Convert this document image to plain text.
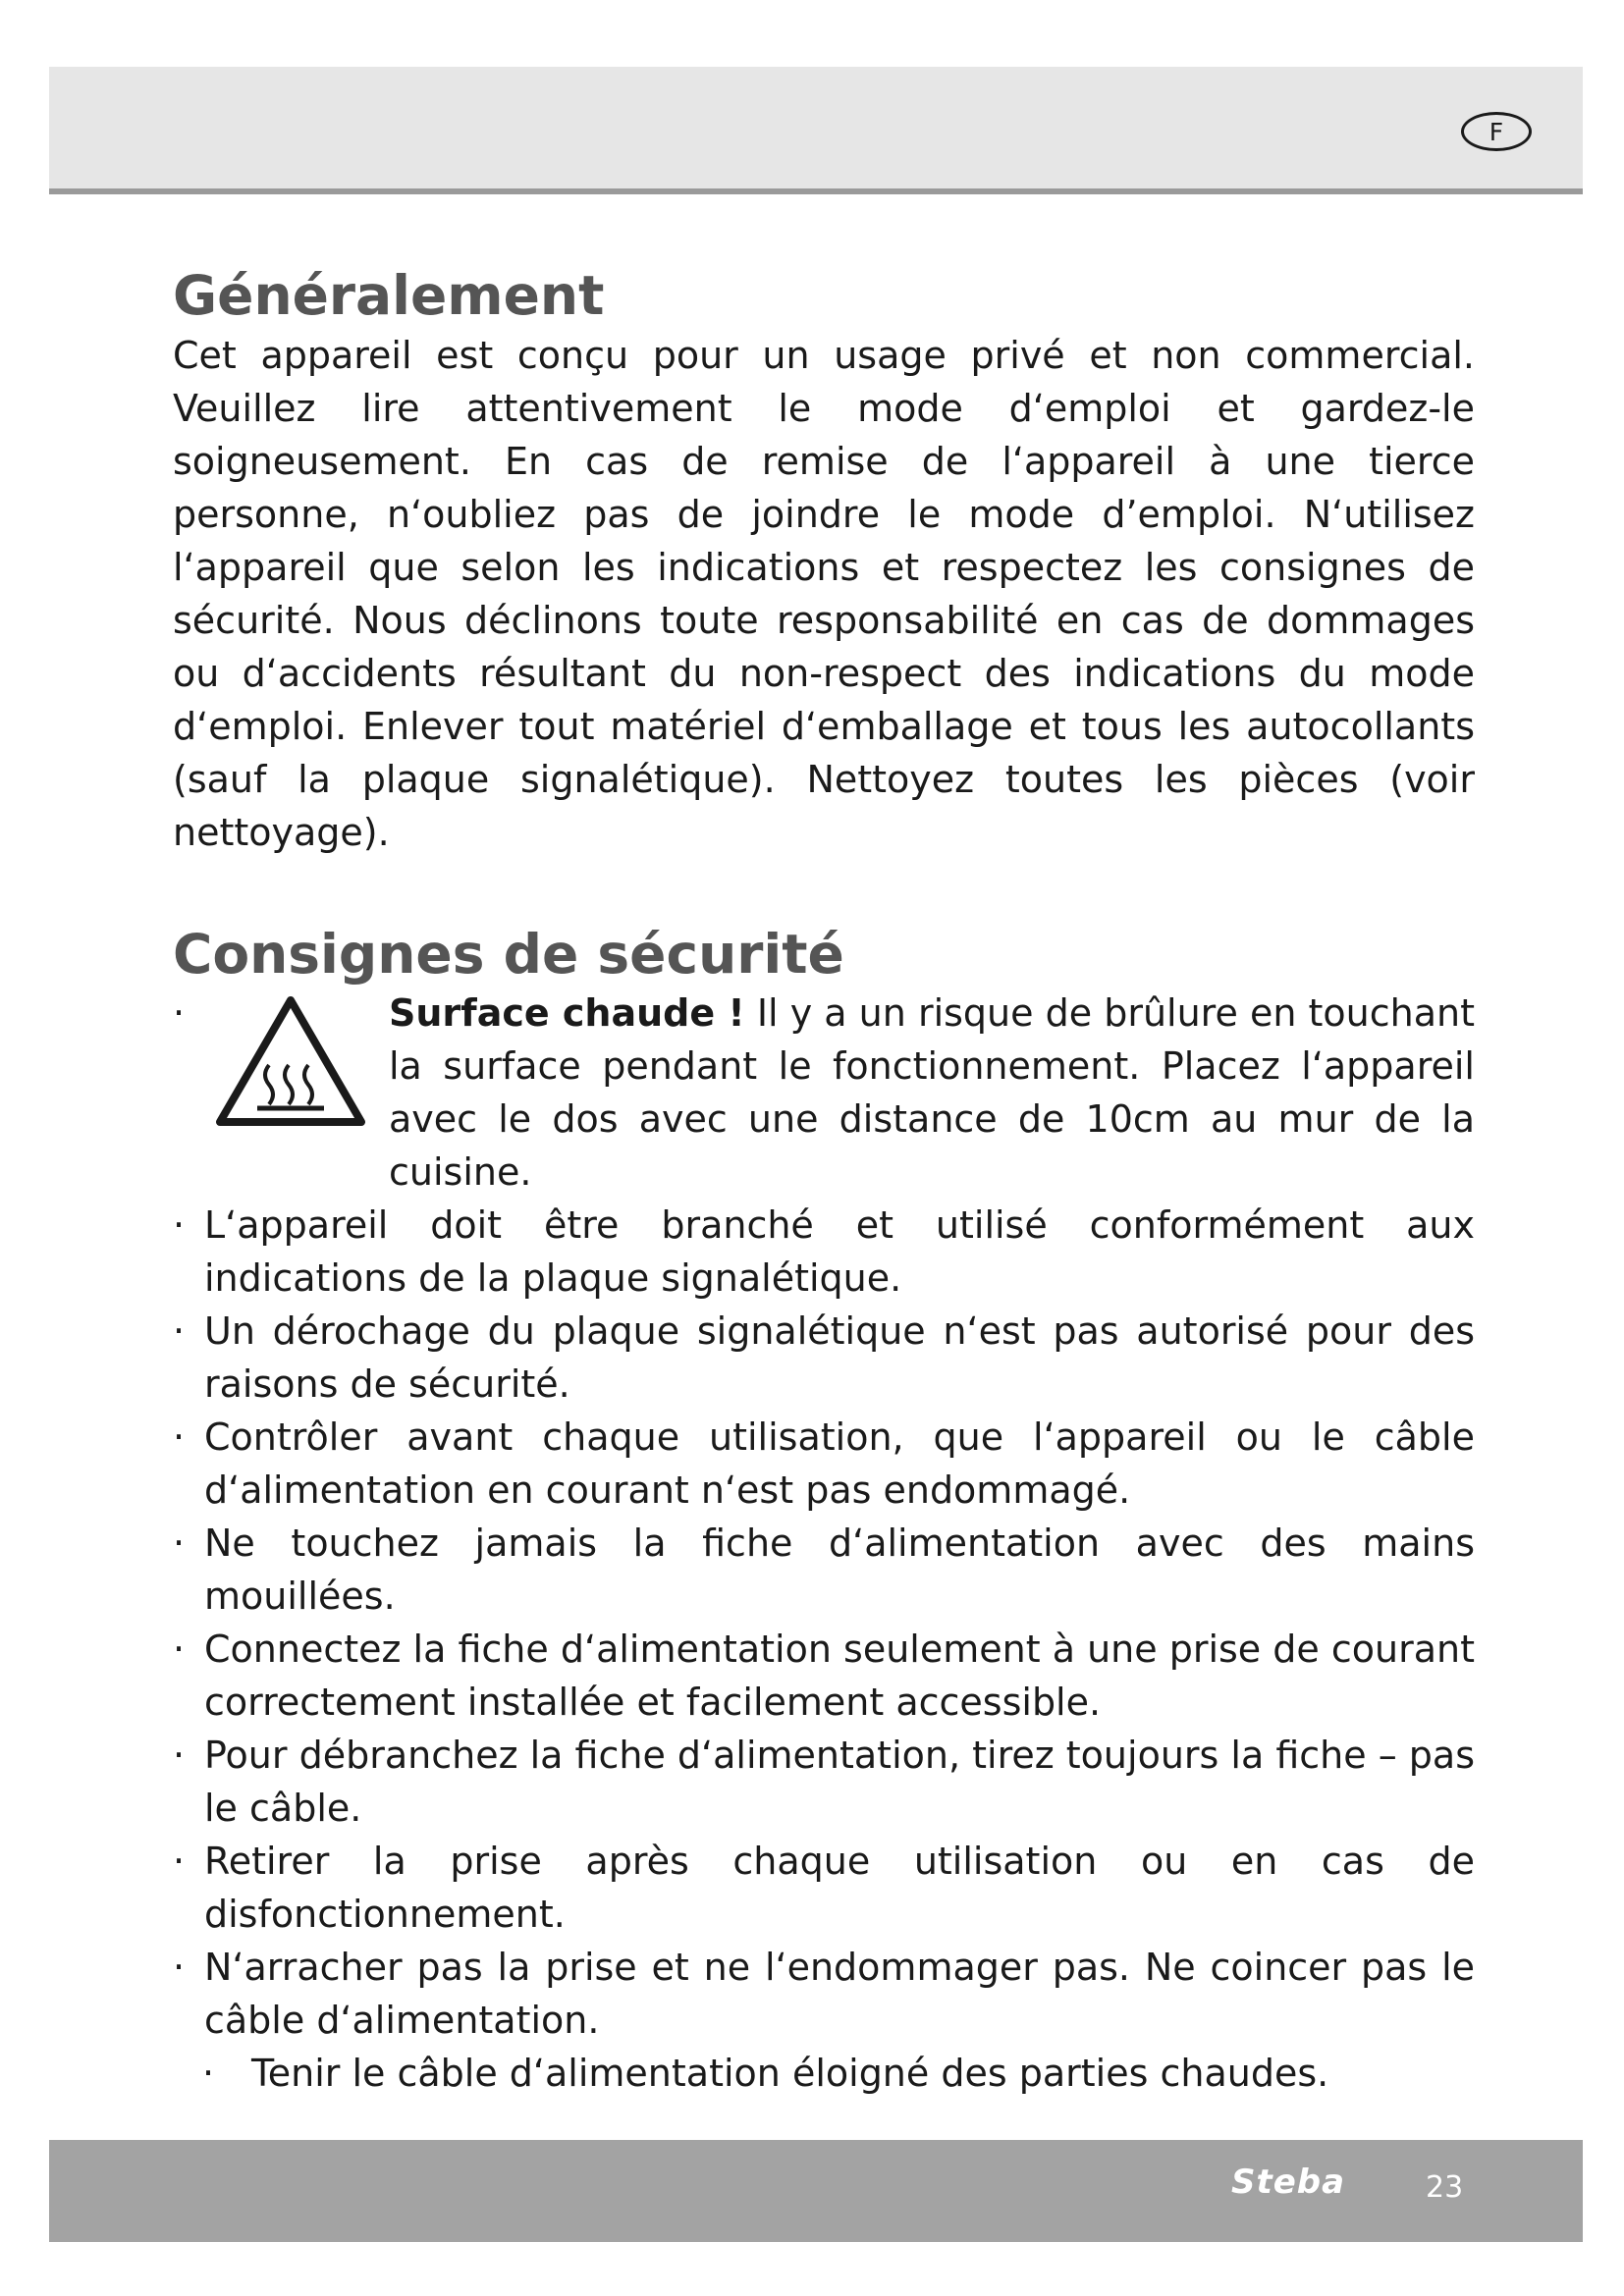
F
Généralement

Cet appareil est conçu pour un usage privé et non commercial. Veuillez lire attentivement le mode d‘emploi et gardez-le soigneusement. En cas de remise de l‘appareil à une tierce personne, n‘oubliez pas de joindre le mode d’emploi. N‘utilisez l‘appareil que selon les indications et respectez les consignes de sécurité. Nous déclinons toute responsabilité en cas de dommages ou d‘accidents résultant du non-respect des indications du mode d‘emploi. Enlever tout matériel d‘emballage et tous les autocollants (sauf la plaque signalétique). Nettoyez toutes les pièces (voir nettoyage).

Consignes de sécurité
·	Surface chaude ! Il y a un risque de brûlure en touchant la surface pendant le fonctionnement. Placez l‘appareil avec le dos avec une distance de 10cm au mur de la cuisine.
· L‘appareil doit être branché et utilisé conformément aux indications de la plaque signalétique.
· Un dérochage du plaque signalétique n‘est pas autorisé pour des raisons de sécurité.
· Contrôler avant chaque utilisation, que l‘appareil ou le câble d‘alimentation en courant n‘est pas endommagé.
· Ne touchez jamais la fiche d‘alimentation avec des mains mouillées.
· Connectez la fiche d‘alimentation seulement à une prise de courant correctement installée et facilement accessible.
· Pour débranchez la fiche d‘alimentation, tirez toujours la fiche – pas le câble.
· Retirer la prise après chaque utilisation ou en cas de disfonctionnement.
· N‘arracher pas la prise et ne l‘endommager pas. Ne coincer pas le câble d‘alimentation.
· Tenir le câble d‘alimentation éloigné des parties chaudes.
Steba	23
